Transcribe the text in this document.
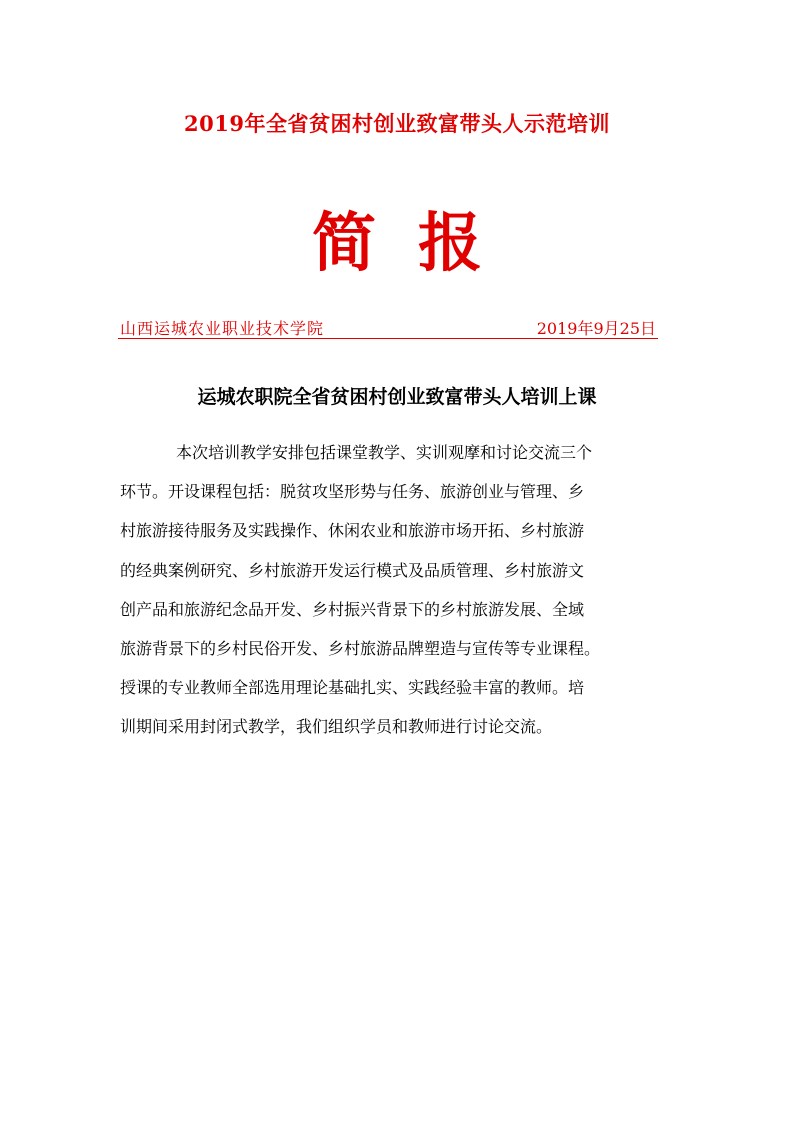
2019年全省贫困村创业致富带头人示范培训
简报
山西运城农业职业技术学院	2019年9月25日
运城农职院全省贫困村创业致富带头人培训上课
本次培训教学安排包括课堂教学、实训观摩和讨论交流三个
环节。开设课程包括：脱贫攻坚形势与任务、旅游创业与管理、乡
村旅游接待服务及实践操作、休闲农业和旅游市场开拓、乡村旅游
的经典案例研究、乡村旅游开发运行模式及品质管理、乡村旅游文
创产品和旅游纪念品开发、乡村振兴背景下的乡村旅游发展、全域
旅游背景下的乡村民俗开发、乡村旅游品牌塑造与宣传等专业课程。
授课的专业教师全部选用理论基础扎实、实践经验丰富的教师。培
训期间采用封闭式教学，我们组织学员和教师进行讨论交流。
